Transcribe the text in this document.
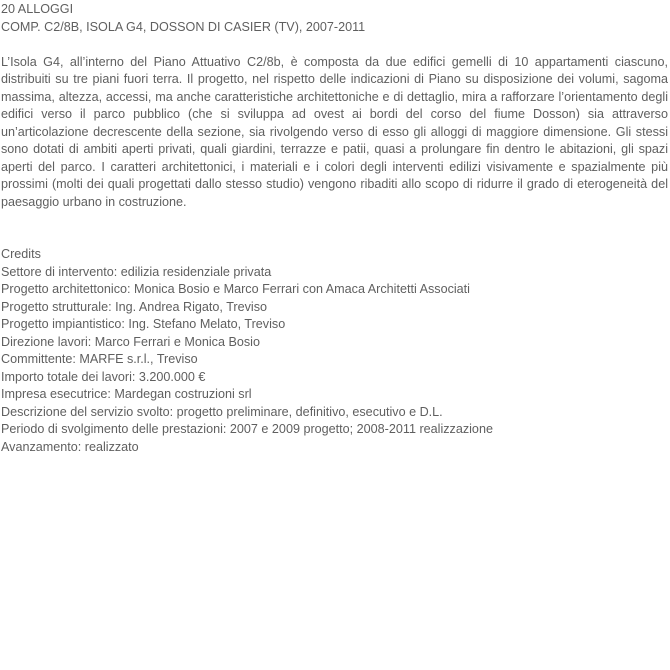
20 ALLOGGI

COMP. C2/8B, ISOLA G4, DOSSON DI CASIER (TV), 2007-2011

L’Isola G4, all’interno del Piano Attuativo C2/8b, è composta da due edifici gemelli di 10 appartamenti ciascuno, distribuiti su tre piani fuori terra. Il progetto, nel rispetto delle indicazioni di Piano su disposizione dei volumi, sagoma massima, altezza, accessi, ma anche caratteristiche architettoniche e di dettaglio, mira a rafforzare l’orientamento degli edifici verso il parco pubblico (che si sviluppa ad ovest ai bordi del corso del fiume Dosson) sia attraverso un’articolazione decrescente della sezione, sia rivolgendo verso di esso gli alloggi di maggiore dimensione. Gli stessi sono dotati di ambiti aperti privati, quali giardini, terrazze e patii, quasi a prolungare fin dentro le abitazioni, gli spazi aperti del parco. I caratteri architettonici, i materiali e i colori degli interventi edilizi visivamente e spazialmente più prossimi (molti dei quali progettati dallo stesso studio) vengono ribaditi allo scopo di ridurre il grado di eterogeneità del paesaggio urbano in costruzione.

Credits

Settore di intervento: edilizia residenziale privata

Progetto architettonico: Monica Bosio e Marco Ferrari con Amaca Architetti Associati

Progetto strutturale: Ing. Andrea Rigato, Treviso

Progetto impiantistico: Ing. Stefano Melato, Treviso

Direzione lavori: Marco Ferrari e Monica Bosio

Committente: MARFE s.r.l., Treviso

Importo totale dei lavori: 3.200.000 €

Impresa esecutrice: Mardegan costruzioni srl

Descrizione del servizio svolto: progetto preliminare, definitivo, esecutivo e D.L.

Periodo di svolgimento delle prestazioni: 2007 e 2009 progetto; 2008-2011 realizzazione

Avanzamento: realizzato
